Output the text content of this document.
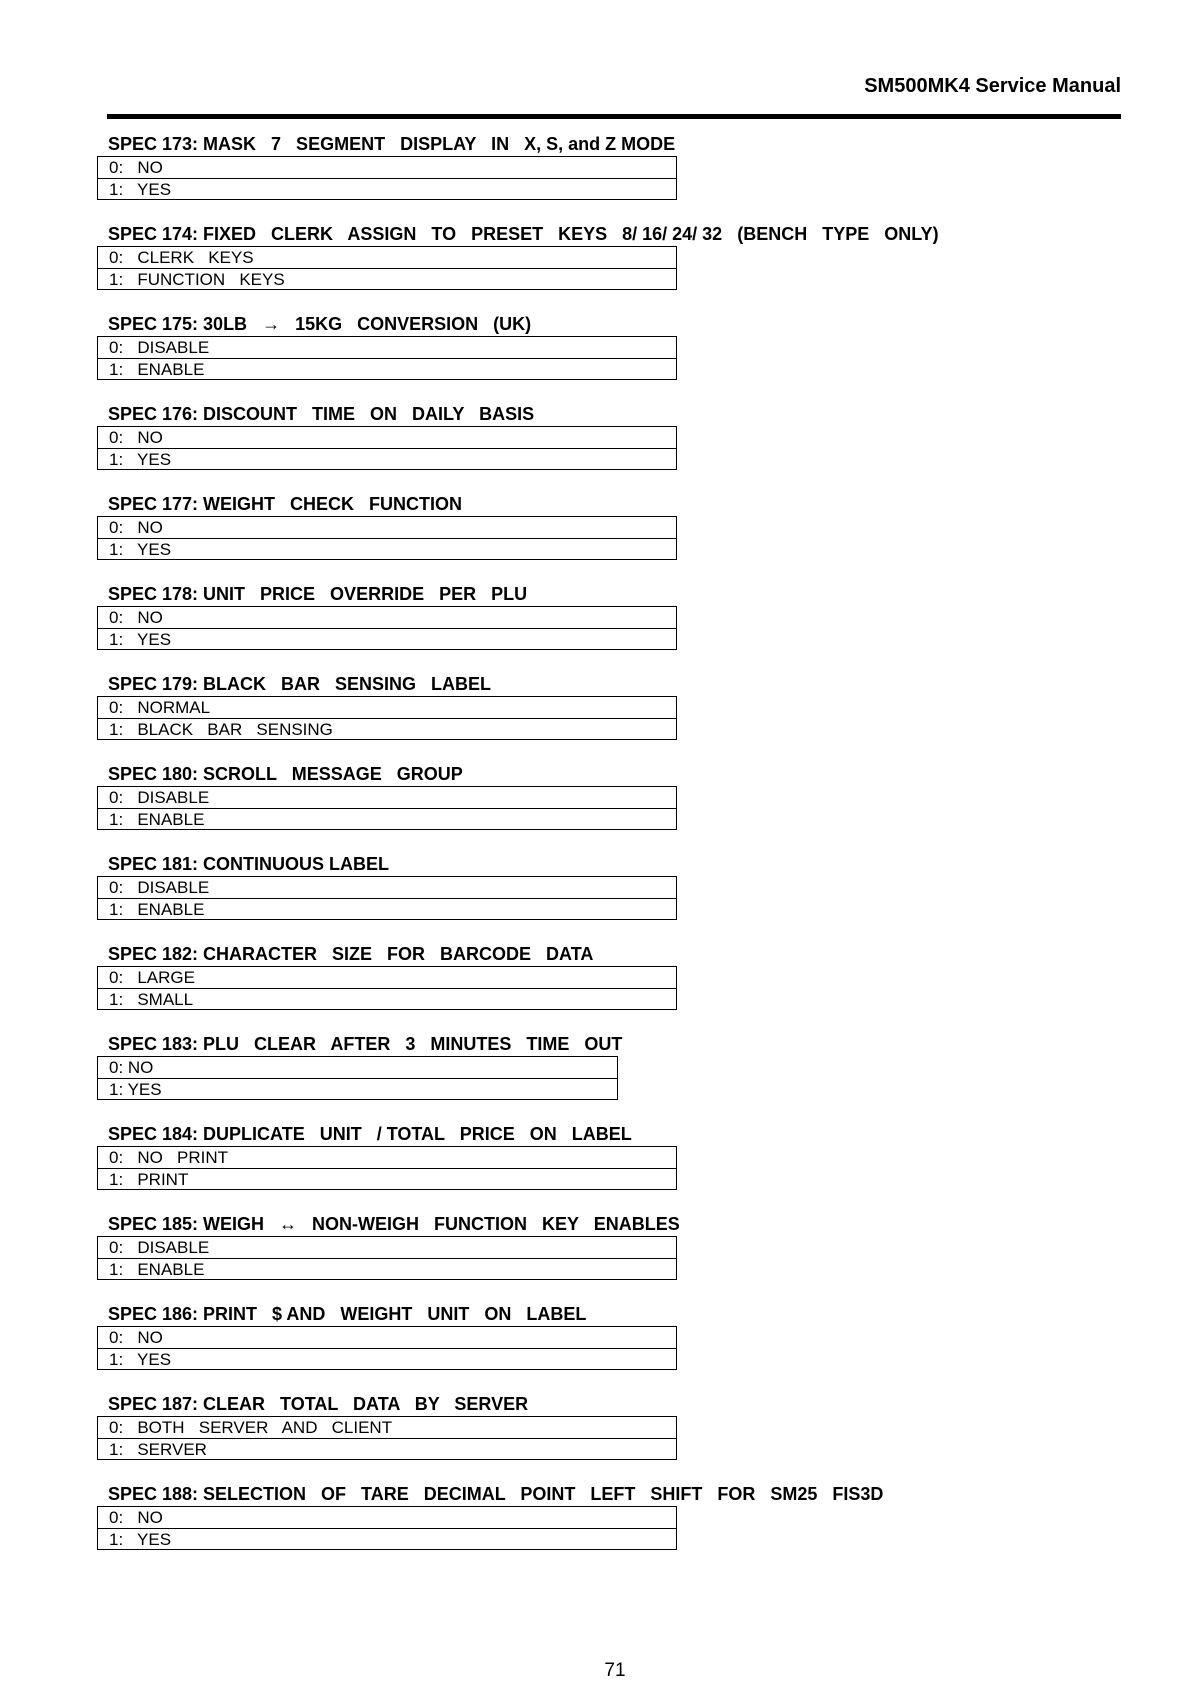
SM500MK4 Service Manual
SPEC 173: MASK   7   SEGMENT   DISPLAY   IN   X, S, and Z MODE
0:   NO
1:   YES
SPEC 174: FIXED   CLERK   ASSIGN   TO   PRESET   KEYS   8/ 16/ 24/ 32   (BENCH   TYPE   ONLY)
0:   CLERK   KEYS
1:   FUNCTION   KEYS
SPEC 175: 30LB   →   15KG   CONVERSION   (UK)
0:   DISABLE
1:   ENABLE
SPEC 176: DISCOUNT   TIME   ON   DAILY   BASIS
0:   NO
1:   YES
SPEC 177: WEIGHT   CHECK   FUNCTION
0:   NO
1:   YES
SPEC 178: UNIT   PRICE   OVERRIDE   PER   PLU
0:   NO
1:   YES
SPEC 179: BLACK   BAR   SENSING   LABEL
0:   NORMAL
1:   BLACK   BAR   SENSING
SPEC 180: SCROLL   MESSAGE   GROUP
0:   DISABLE
1:   ENABLE
SPEC 181: CONTINUOUS LABEL
0:   DISABLE
1:   ENABLE
SPEC 182: CHARACTER   SIZE   FOR   BARCODE   DATA
0:   LARGE
1:   SMALL
SPEC 183: PLU   CLEAR   AFTER   3   MINUTES   TIME   OUT
0: NO
1: YES
SPEC 184: DUPLICATE   UNIT   / TOTAL   PRICE   ON   LABEL
0:   NO   PRINT
1:   PRINT
SPEC 185: WEIGH   ↔   NON-WEIGH   FUNCTION   KEY   ENABLES
0:   DISABLE
1:   ENABLE
SPEC 186: PRINT   $ AND   WEIGHT   UNIT   ON   LABEL
0:   NO
1:   YES
SPEC 187: CLEAR   TOTAL   DATA   BY   SERVER
0:   BOTH   SERVER   AND   CLIENT
1:   SERVER
SPEC 188: SELECTION   OF   TARE   DECIMAL   POINT   LEFT   SHIFT   FOR   SM25   FIS3D
0:   NO
1:   YES
71
